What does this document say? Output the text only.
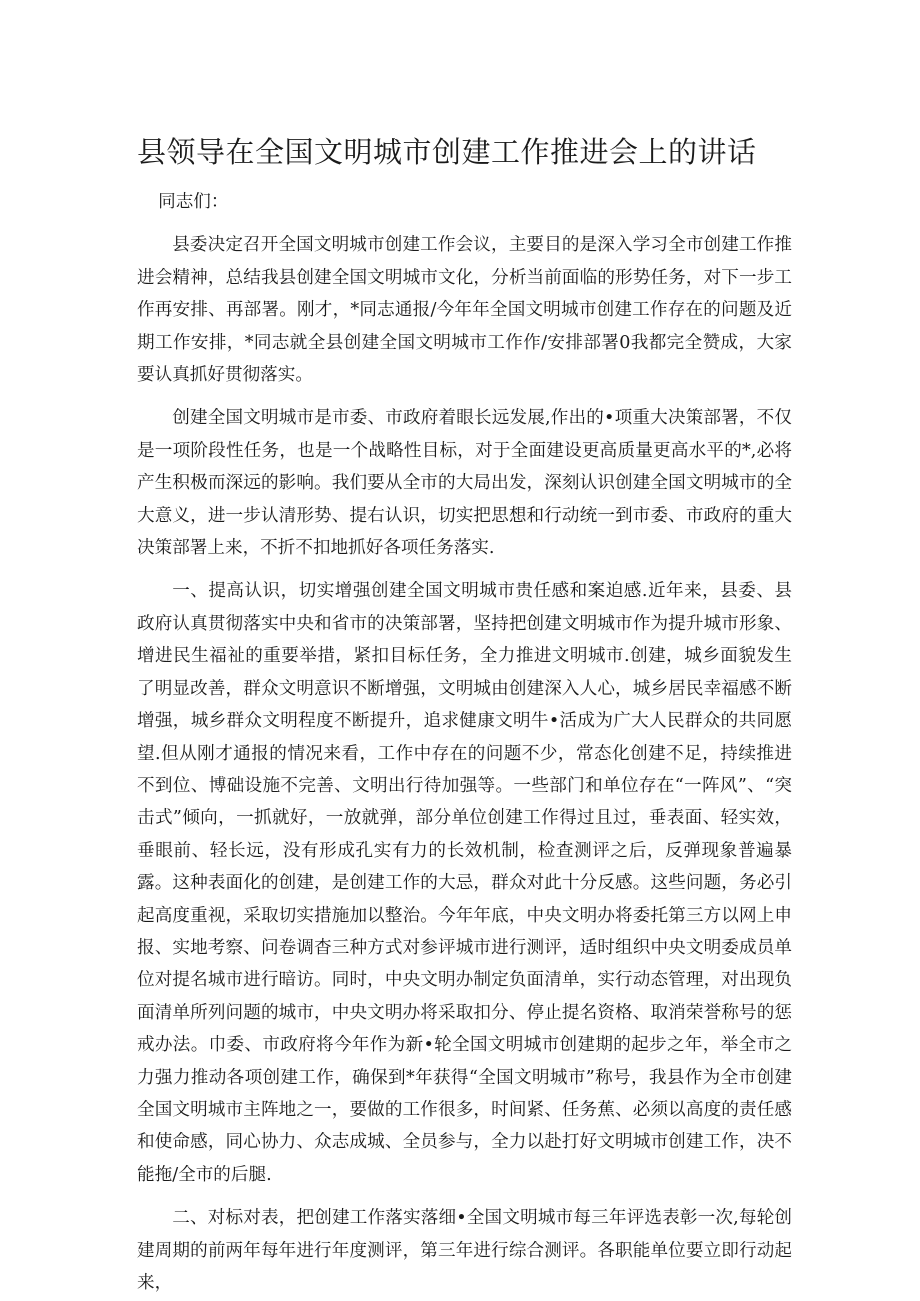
县领导在全国文明城市创建工作推进会上的讲话

同志们：

县委决定召开全国文明城市创建工作会议，主要目的是深入学习全市创建工作推进会精神，总结我县创建全国文明城市文化，分析当前面临的形势任务，对下一步工作再安排、再部署。刚才，*同志通报/今年年全国文明城市创建工作存在的问题及近期工作安排，*同志就全县创建全国文明城市工作作/安排部署0我都完全赞成，大家要认真抓好贯彻落实。

创建全国文明城市是市委、市政府着眼长远发展,作出的•项重大决策部署，不仅是一项阶段性任务，也是一个战略性目标，对于全面建设更高质量更高水平的*,必将产生积极而深远的影响。我们要从全市的大局出发，深刻认识创建全国文明城市的全大意义，进一步认清形势、提右认识，切实把思想和行动统一到市委、市政府的重大决策部署上来，不折不扣地抓好各项任务落实.

一、提高认识，切实增强创建全国文明城市贵任感和案迫感.近年来，县委、县政府认真贯彻落实中央和省市的决策部署，坚持把创建文明城市作为提升城市形象、增进民生福祉的重要举措，紧扣目标任务，全力推进文明城市.创建，城乡面貌发生了明显改善，群众文明意识不断增强，文明城由创建深入人心，城乡居民幸福感不断增强，城乡群众文明程度不断提升，追求健康文明牛•活成为广大人民群众的共同愿望.但从刚才通报的情况来看，工作中存在的问题不少，常态化创建不足，持续推进不到位、博础设施不完善、文明出行待加强等。一些部门和单位存在“一阵风”、“突击式”倾向，一抓就好，一放就弹，部分单位创建工作得过且过，垂表面、轻实效，垂眼前、轻长远，没有形成孔实有力的长效机制，检查测评之后，反弹现象普遍暴露。这种表面化的创建，是创建工作的大忌，群众对此十分反感。这些问题，务必引起高度重视，采取切实措施加以整治。今年年底，中央文明办将委托第三方以网上申报、实地考察、问卷调杳三种方式对参评城市进行测评，适时组织中央文明委成员单位对提名城市进行暗访。同时，中央文明办制定负面清单，实行动态管理，对出现负面清单所列问题的城市，中央文明办将采取扣分、停止提名资格、取消荣誉称号的惩戒办法。巾委、市政府将今年作为新•轮全国文明城市创建期的起步之年，举全市之力强力推动各项创建工作，确保到*年获得“全国文明城市”称号，我县作为全市创建全国文明城市主阵地之一，要做的工作很多，时间紧、任务蕉、必须以高度的责任感和使命感，同心协力、众志成城、全员参与，全力以赴打好文明城市创建工作，决不能拖/全市的后腿.

二、对标对表，把创建工作落实落细•全国文明城市每三年评选表彰一次,每轮创建周期的前两年每年进行年度测评，第三年进行综合测评。各职能单位要立即行动起来，
